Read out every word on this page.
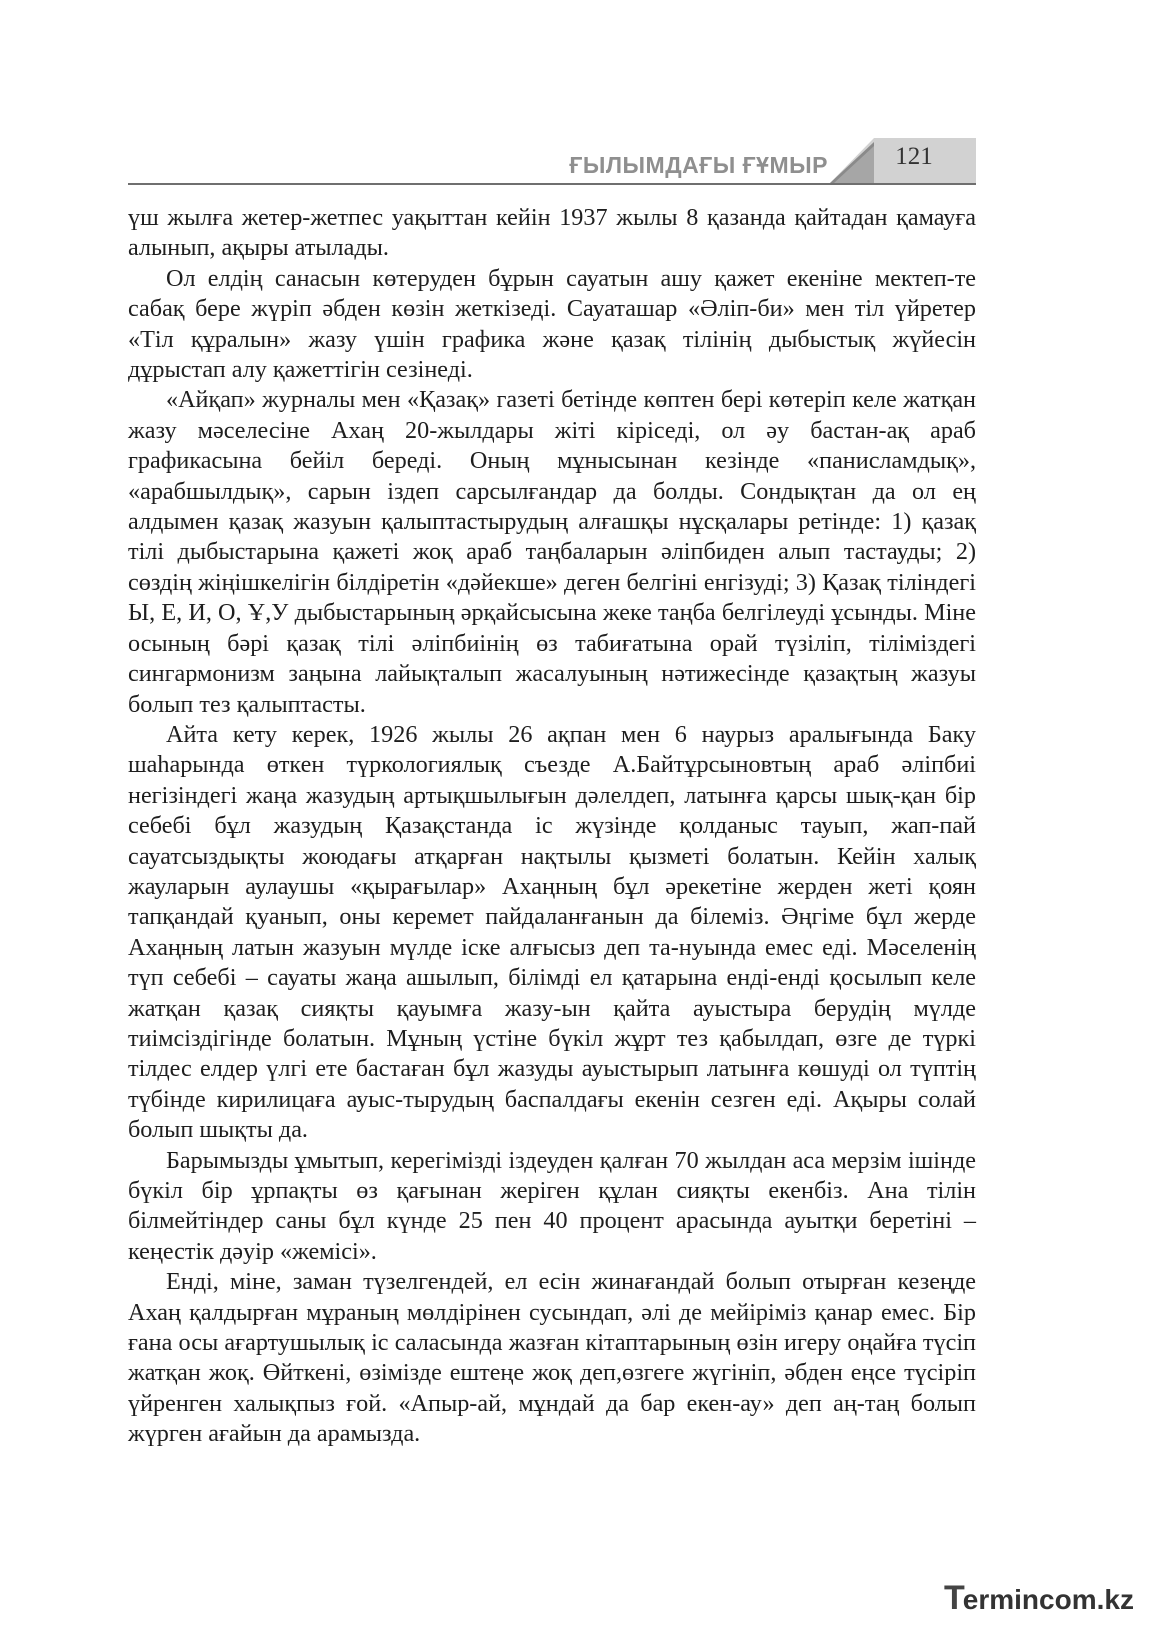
ҒЫЛЫМДАҒЫ ҒҰМЫР	121

үш жылға жетер-жетпес уақыттан кейін 1937 жылы 8 қазанда қайтадан қамауға алынып, ақыры атылады.

Ол елдің санасын көтеруден бұрын сауатын ашу қажет екеніне мектеп-те сабақ бере жүріп әбден көзін жеткізеді. Сауаташар «Әліп-би» мен тіл үйретер «Тіл құралын» жазу үшін графика және қазақ тілінің дыбыстық жүйесін дұрыстап алу қажеттігін сезінеді.

«Айқап» журналы мен «Қазақ» газеті бетінде көптен бері көтеріп келе жатқан жазу мәселесіне Ахаң 20-жылдары жіті кіріседі, ол әу бастан-ақ араб графикасына бейіл береді. Оның мұнысынан кезінде «панисламдық», «арабшылдық», сарын іздеп сарсылғандар да болды. Сондықтан да ол ең алдымен қазақ жазуын қалыптастырудың алғашқы нұсқалары ретінде: 1) қазақ тілі дыбыстарына қажеті жоқ араб таңбаларын әліпбиден алып тастауды; 2) сөздің жіңішкелігін білдіретін «дәйекше» деген белгіні енгізуді; 3) Қазақ тіліндегі Ы, Е, И, О, Ұ,У дыбыстарының әрқайсысына жеке таңба белгілеуді ұсынды. Міне осының бәрі қазақ тілі әліпбиінің өз табиғатына орай түзіліп, тіліміздегі сингармонизм заңына лайықталып жасалуының нәтижесінде қазақтың жазуы болып тез қалыптасты.

Айта кету керек, 1926 жылы 26 ақпан мен 6 наурыз аралығында Баку шаһарында өткен түркологиялық съезде А.Байтұрсыновтың араб әліпбиі негізіндегі жаңа жазудың артықшылығын дәлелдеп, латынға қарсы шық-қан бір себебі бұл жазудың Қазақстанда іс жүзінде қолданыс тауып, жап-пай сауатсыздықты жоюдағы атқарған нақтылы қызметі болатын. Кейін халық жауларын аулаушы «қырағылар» Ахаңның бұл әрекетіне жерден жеті қоян тапқандай қуанып, оны керемет пайдаланғанын да білеміз. Әңгіме бұл жерде Ахаңның латын жазуын мүлде іске алғысыз деп та-нуында емес еді. Мәселенің түп себебі – сауаты жаңа ашылып, білімді ел қатарына енді-енді қосылып келе жатқан қазақ сияқты қауымға жазу-ын қайта ауыстыра берудің мүлде тиімсіздігінде болатын. Мұның үстіне бүкіл жұрт тез қабылдап, өзге де түркі тілдес елдер үлгі ете бастаған бұл жазуды ауыстырып латынға көшуді ол түптің түбінде кирилицаға ауыс-тырудың баспалдағы екенін сезген еді. Ақыры солай болып шықты да.

Барымызды ұмытып, керегімізді іздеуден қалған 70 жылдан аса мерзім ішінде бүкіл бір ұрпақты өз қағынан жеріген құлан сияқты екенбіз. Ана тілін білмейтіндер саны бұл күнде 25 пен 40 процент арасында ауытқи беретіні – кеңестік дәуір «жемісі».

Енді, міне, заман түзелгендей, ел есін жинағандай болып отырған кезеңде Ахаң қалдырған мұраның мөлдірінен сусындап, әлі де мейіріміз қанар емес. Бір ғана осы ағартушылық іс саласында жазған кітаптарының өзін игеру оңайға түсіп жатқан жоқ. Өйткені, өзімізде ештеңе жоқ деп,өзгеге жүгініп, әбден еңсе түсіріп үйренген халықпыз ғой. «Апыр-ай, мұндай да бар екен-ау» деп аң-таң болып жүрген ағайын да арамызда.

Termincom.kz
